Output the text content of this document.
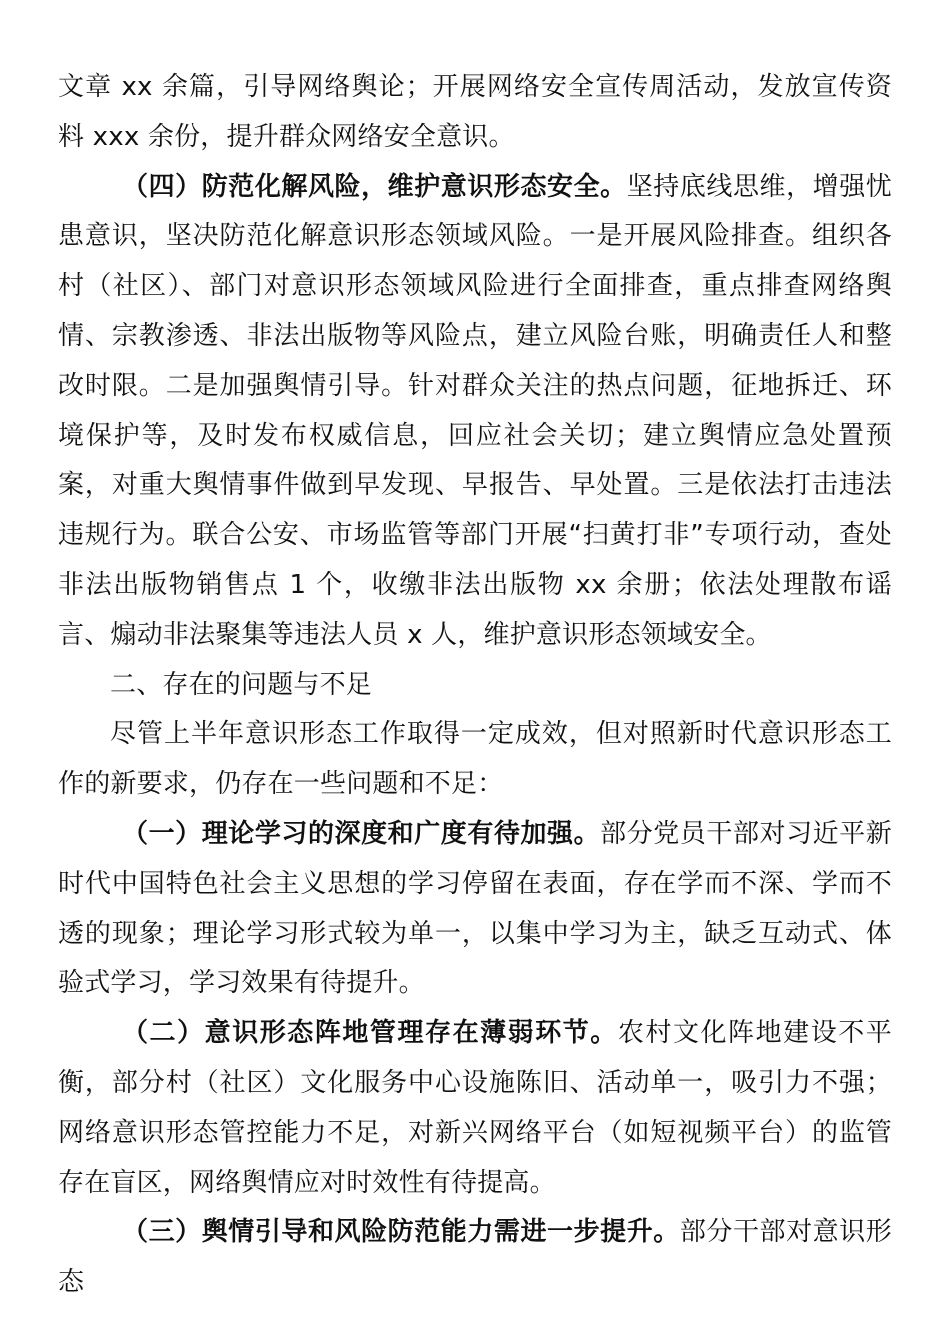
文章 xx 余篇，引导网络舆论；开展网络安全宣传周活动，发放宣传资料 xxx 余份，提升群众网络安全意识。

（四）防范化解风险，维护意识形态安全。坚持底线思维，增强忧患意识，坚决防范化解意识形态领域风险。一是开展风险排查。组织各村（社区）、部门对意识形态领域风险进行全面排查，重点排查网络舆情、宗教渗透、非法出版物等风险点，建立风险台账，明确责任人和整改时限。二是加强舆情引导。针对群众关注的热点问题，征地拆迁、环境保护等，及时发布权威信息，回应社会关切；建立舆情应急处置预案，对重大舆情事件做到早发现、早报告、早处置。三是依法打击违法违规行为。联合公安、市场监管等部门开展“扫黄打非”专项行动，查处非法出版物销售点 1 个，收缴非法出版物 xx 余册；依法处理散布谣言、煽动非法聚集等违法人员 x 人，维护意识形态领域安全。

二、存在的问题与不足

尽管上半年意识形态工作取得一定成效，但对照新时代意识形态工作的新要求，仍存在一些问题和不足：

（一）理论学习的深度和广度有待加强。部分党员干部对习近平新时代中国特色社会主义思想的学习停留在表面，存在学而不深、学而不透的现象；理论学习形式较为单一，以集中学习为主，缺乏互动式、体验式学习，学习效果有待提升。

（二）意识形态阵地管理存在薄弱环节。农村文化阵地建设不平衡，部分村（社区）文化服务中心设施陈旧、活动单一，吸引力不强；网络意识形态管控能力不足，对新兴网络平台（如短视频平台）的监管存在盲区，网络舆情应对时效性有待提高。

（三）舆情引导和风险防范能力需进一步提升。部分干部对意识形态
